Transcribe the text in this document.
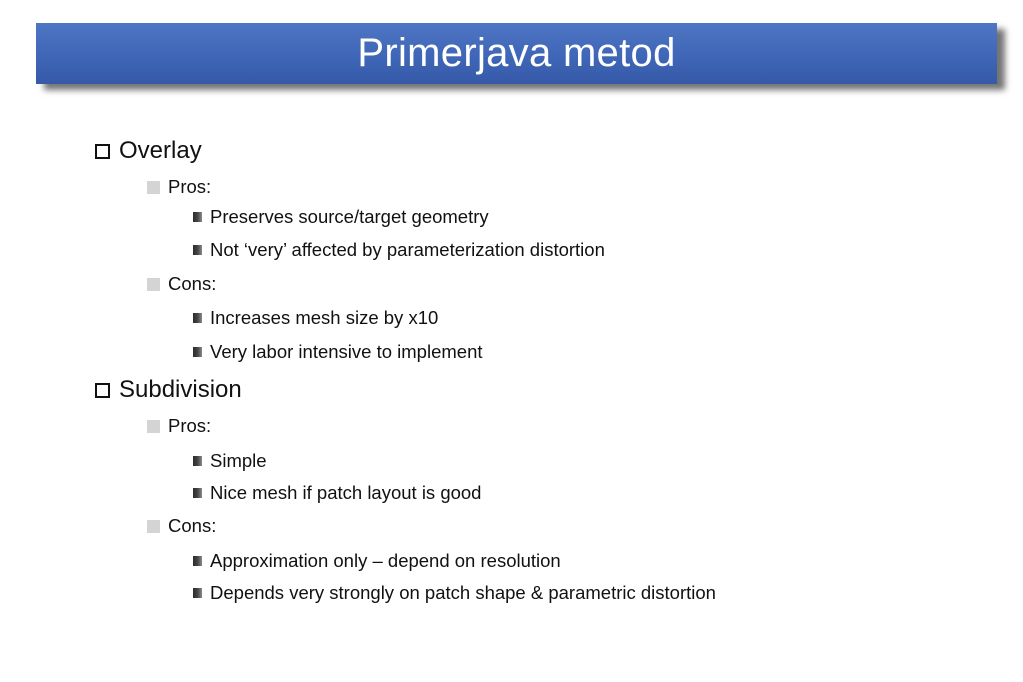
Primerjava metod
Overlay
Pros:
Preserves source/target geometry
Not ‘very’ affected by parameterization distortion
Cons:
Increases mesh size by x10
Very labor intensive to implement
Subdivision
Pros:
Simple
Nice mesh if patch layout is good
Cons:
Approximation only – depend on resolution
Depends very strongly on patch shape & parametric distortion
